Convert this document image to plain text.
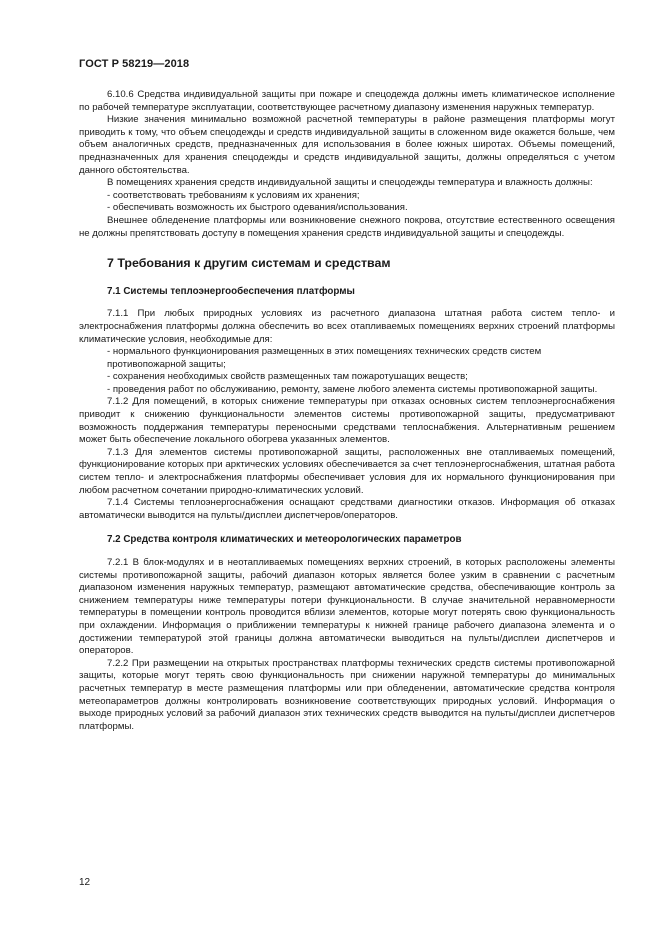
ГОСТ Р 58219—2018

6.10.6 Средства индивидуальной защиты при пожаре и спецодежда должны иметь климатическое исполнение по рабочей температуре эксплуатации, соответствующее расчетному диапазону изменения наружных температур.

Низкие значения минимально возможной расчетной температуры в районе размещения платформы могут приводить к тому, что объем спецодежды и средств индивидуальной защиты в сложенном виде окажется больше, чем объем аналогичных средств, предназначенных для использования в более южных широтах. Объемы помещений, предназначенных для хранения спецодежды и средств индивидуальной защиты, должны определяться с учетом данного обстоятельства.

В помещениях хранения средств индивидуальной защиты и спецодежды температура и влажность должны:

- соответствовать требованиям к условиям их хранения;

- обеспечивать возможность их быстрого одевания/использования.

Внешнее обледенение платформы или возникновение снежного покрова, отсутствие естественного освещения не должны препятствовать доступу в помещения хранения средств индивидуальной защиты и спецодежды.

7 Требования к другим системам и средствам
7.1 Системы теплоэнергообеспечения платформы

7.1.1 При любых природных условиях из расчетного диапазона штатная работа систем тепло- и электроснабжения платформы должна обеспечить во всех отапливаемых помещениях верхних строений платформы климатические условия, необходимые для:

- нормального функционирования размещенных в этих помещениях технических средств систем противопожарной защиты;

- сохранения необходимых свойств размещенных там пожаротушащих веществ;

- проведения работ по обслуживанию, ремонту, замене любого элемента системы противопожарной защиты.

7.1.2 Для помещений, в которых снижение температуры при отказах основных систем теплоэнергоснабжения приводит к снижению функциональности элементов системы противопожарной защиты, предусматривают возможность поддержания температуры переносными средствами теплоснабжения. Альтернативным решением может быть обеспечение локального обогрева указанных элементов.

7.1.3 Для элементов системы противопожарной защиты, расположенных вне отапливаемых помещений, функционирование которых при арктических условиях обеспечивается за счет теплоэнергоснабжения, штатная работа систем тепло- и электроснабжения платформы обеспечивает условия для их нормального функционирования при любом расчетном сочетании природно-климатических условий.

7.1.4 Системы теплоэнергоснабжения оснащают средствами диагностики отказов. Информация об отказах автоматически выводится на пульты/дисплеи диспетчеров/операторов.

7.2 Средства контроля климатических и метеорологических параметров

7.2.1 В блок-модулях и в неотапливаемых помещениях верхних строений, в которых расположены элементы системы противопожарной защиты, рабочий диапазон которых является более узким в сравнении с расчетным диапазоном изменения наружных температур, размещают автоматические средства, обеспечивающие контроль за снижением температуры ниже температуры потери функциональности. В случае значительной неравномерности температуры в помещении контроль проводится вблизи элементов, которые могут потерять свою функциональность при охлаждении. Информация о приближении температуры к нижней границе рабочего диапазона элемента и о достижении температурой этой границы должна автоматически выводиться на пульты/дисплеи диспетчеров и операторов.

7.2.2 При размещении на открытых пространствах платформы технических средств системы противопожарной защиты, которые могут терять свою функциональность при снижении наружной температуры до минимальных расчетных температур в месте размещения платформы или при обледенении, автоматические средства контроля метеопараметров должны контролировать возникновение соответствующих природных условий. Информация о выходе природных условий за рабочий диапазон этих технических средств выводится на пульты/дисплеи диспетчеров платформы.

12
